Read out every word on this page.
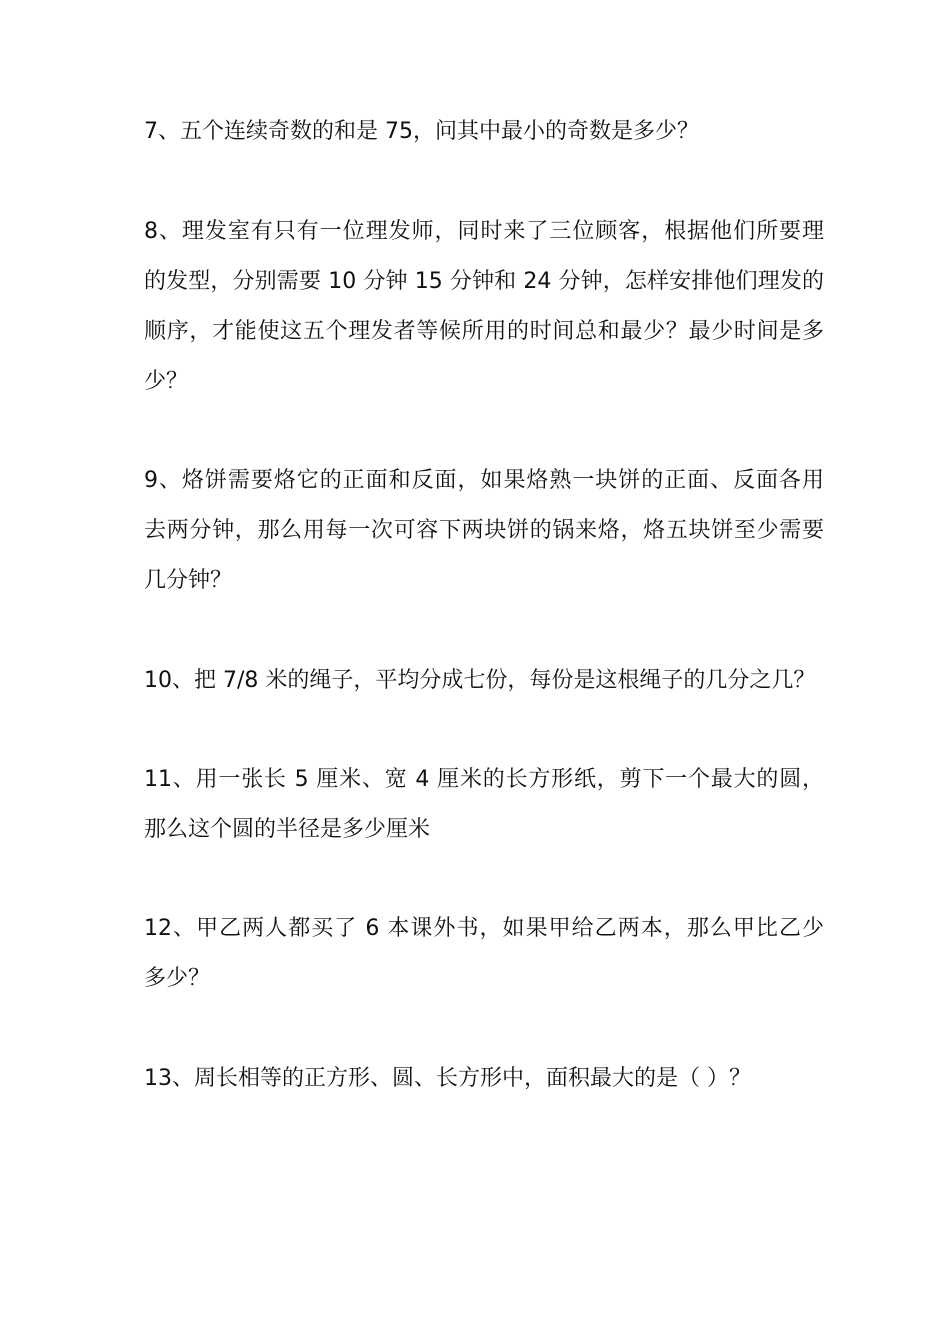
7、五个连续奇数的和是 75，问其中最小的奇数是多少？
8、理发室有只有一位理发师，同时来了三位顾客，根据他们所要理
的发型，分别需要 10 分钟 15 分钟和 24 分钟，怎样安排他们理发的
顺序，才能使这五个理发者等候所用的时间总和最少？最少时间是多
少？
9、烙饼需要烙它的正面和反面，如果烙熟一块饼的正面、反面各用
去两分钟，那么用每一次可容下两块饼的锅来烙，烙五块饼至少需要
几分钟？
10、把 7/8 米的绳子，平均分成七份，每份是这根绳子的几分之几？
11、用一张长 5 厘米、宽 4 厘米的长方形纸，剪下一个最大的圆，
那么这个圆的半径是多少厘米
12、甲乙两人都买了 6 本课外书，如果甲给乙两本，那么甲比乙少
多少？
13、周长相等的正方形、圆、长方形中，面积最大的是（ ）？
